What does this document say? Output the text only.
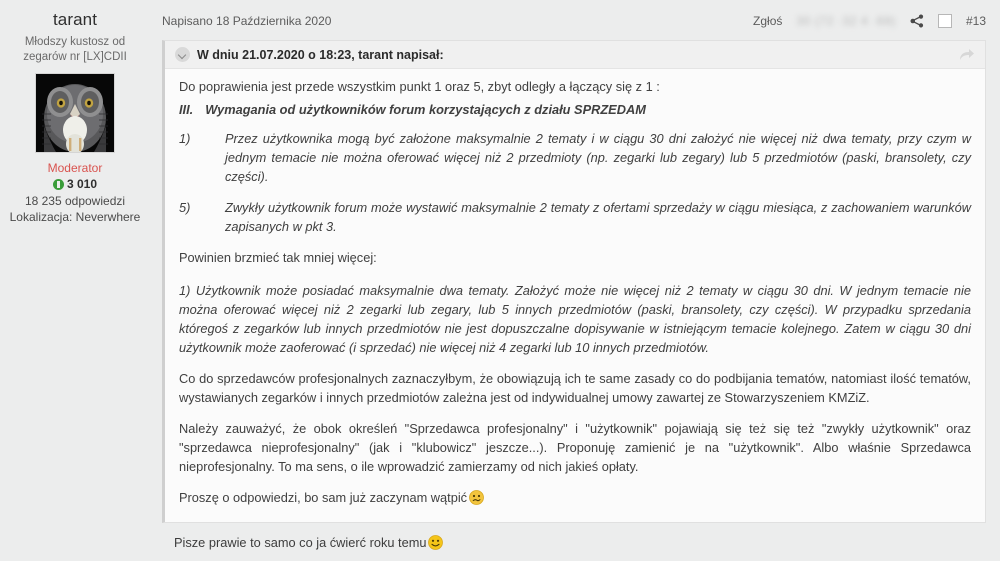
tarant
Młodszy kustosz od zegarów nr [LX]CDII
Moderator
3 010
18 235 odpowiedzi
Lokalizacja: Neverwhere
Napisano 18 Października 2020	Zgłoś 30 (72 ·32 4 ·69)	#13
W dniu 21.07.2020 o 18:23, tarant napisał:

Do poprawienia jest przede wszystkim punkt 1 oraz 5, zbyt odległy a łączący się z 1 :

III. Wymagania od użytkowników forum korzystających z działu SPRZEDAM

1)	Przez użytkownika mogą być założone maksymalnie 2 tematy i w ciągu 30 dni założyć nie więcej niż dwa tematy, przy czym w jednym temacie nie można oferować więcej niż 2 przedmioty (np. zegarki lub zegary) lub 5 przedmiotów (paski, bransolety, czy części).

5)	Zwykły użytkownik forum może wystawić maksymalnie 2 tematy z ofertami sprzedaży w ciągu miesiąca, z zachowaniem warunków zapisanych w pkt 3.

Powinien brzmieć tak mniej więcej:

1) Użytkownik może posiadać maksymalnie dwa tematy. Założyć może nie więcej niż 2 tematy w ciągu 30 dni. W jednym temacie nie można oferować więcej niż 2 zegarki lub zegary, lub 5 innych przedmiotów (paski, bransolety, czy części). W przypadku sprzedania któregoś z zegarków lub innych przedmiotów nie jest dopuszczalne dopisywanie w istniejącym temacie kolejnego. Zatem w ciągu 30 dni użytkownik może zaoferować (i sprzedać) nie więcej niż 4 zegarki lub 10 innych przedmiotów.

Co do sprzedawców profesjonalnych zaznaczyłbym, że obowiązują ich te same zasady co do podbijania tematów, natomiast ilość tematów, wystawianych zegarków i innych przedmiotów zależna jest od indywidualnej umowy zawartej ze Stowarzyszeniem KMZiZ.

Należy zauważyć, że obok określeń "Sprzedawca profesjonalny" i "użytkownik" pojawiają się też się też "zwykły użytkownik" oraz "sprzedawca nieprofesjonalny" (jak i "klubowicz" jeszcze...). Proponuję zamienić je na "użytkownik". Albo właśnie Sprzedawca nieprofesjonalny. To ma sens, o ile wprowadzić zamierzamy od nich jakieś opłaty.

Proszę o odpowiedzi, bo sam już zaczynam wątpić

Pisze prawie to samo co ja ćwierć roku temu
